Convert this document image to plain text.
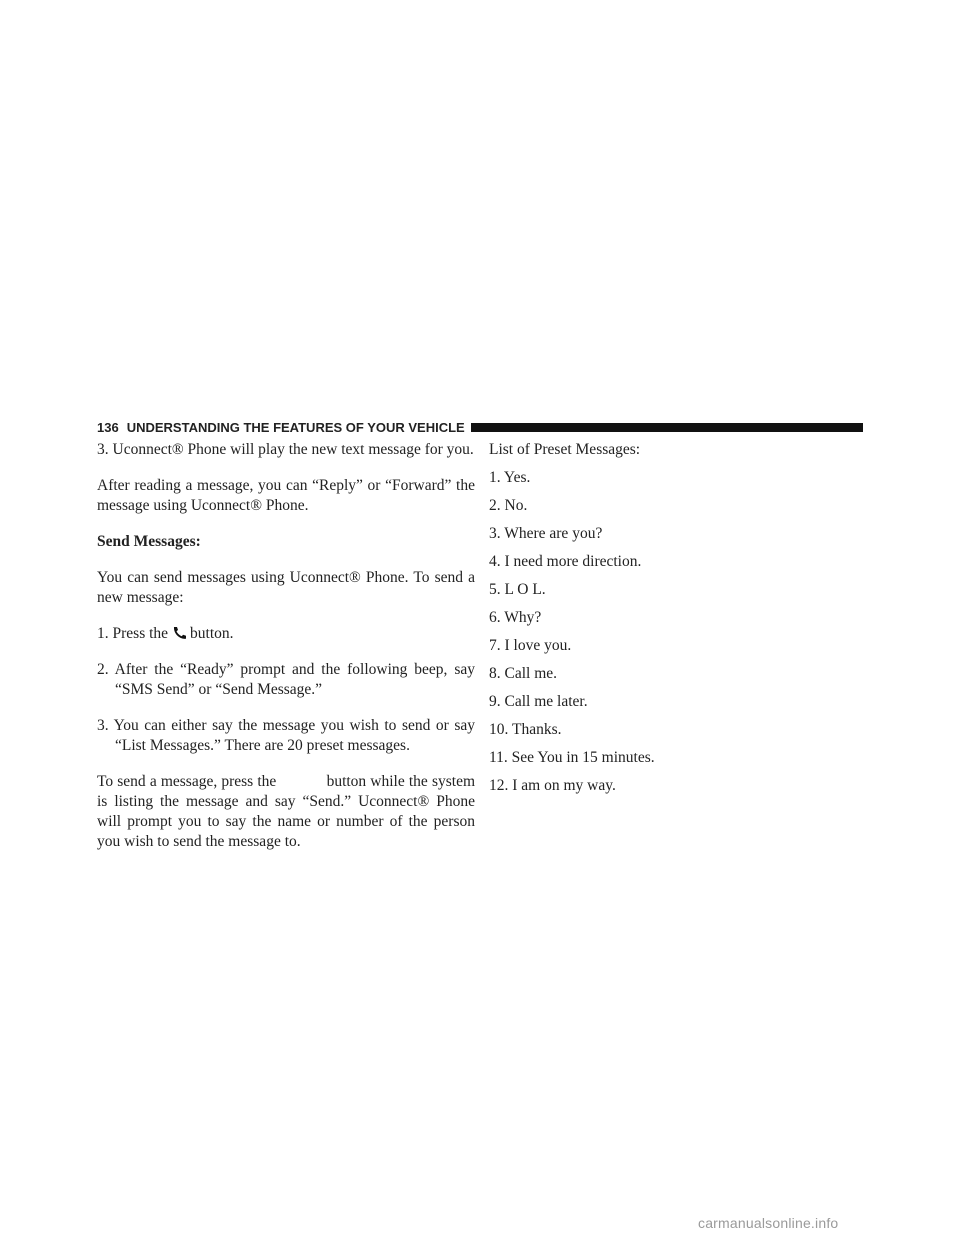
136 UNDERSTANDING THE FEATURES OF YOUR VEHICLE

3. Uconnect® Phone will play the new text message for you.

After reading a message, you can “Reply” or “Forward” the message using Uconnect® Phone.

Send Messages:

You can send messages using Uconnect® Phone. To send a new message:

1. Press the button.

2. After the “Ready” prompt and the following beep, say “SMS Send” or “Send Message.”

3. You can either say the message you wish to send or say “List Messages.” There are 20 preset messages.

To send a message, press the	button while the system is listing the message and say “Send.” Uconnect® Phone will prompt you to say the name or number of the person you wish to send the message to.

List of Preset Messages:

1. Yes.

2. No.

3. Where are you?

4. I need more direction.

5. L O L.

6. Why?

7. I love you.

8. Call me.

9. Call me later.

10. Thanks.

11. See You in 15 minutes.

12. I am on my way.

carmanualsonline.info
